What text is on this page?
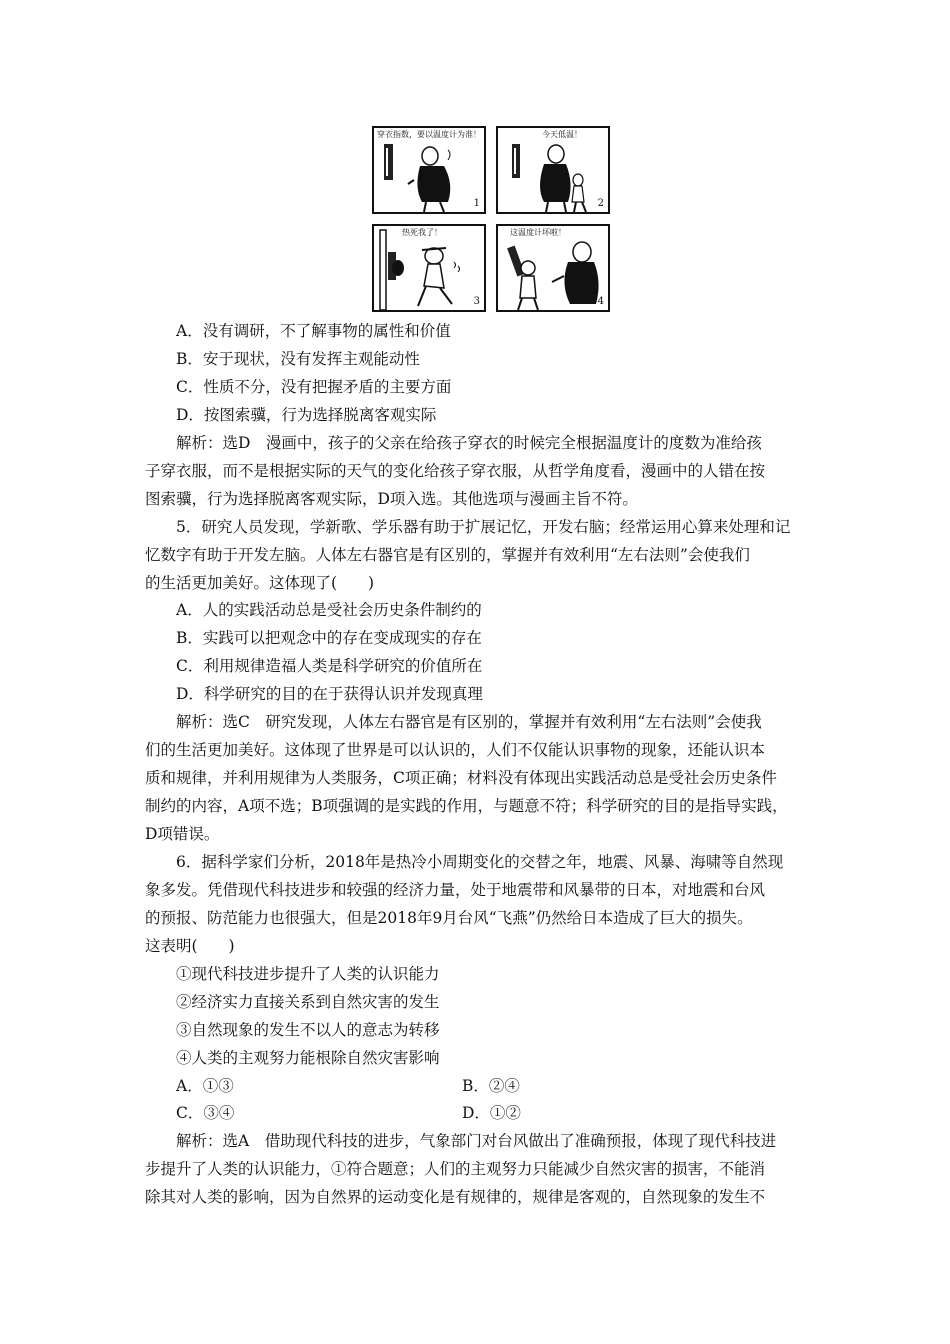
穿衣指数，要以温度计为准！
1
今天低温！
2
热死我了！
3
这温度计坏啦！
4
A．没有调研，不了解事物的属性和价值
B．安于现状，没有发挥主观能动性
C．性质不分，没有把握矛盾的主要方面
D．按图索骥，行为选择脱离客观实际
解析：选D　漫画中，孩子的父亲在给孩子穿衣的时候完全根据温度计的度数为准给孩
子穿衣服，而不是根据实际的天气的变化给孩子穿衣服，从哲学角度看，漫画中的人错在按
图索骥，行为选择脱离客观实际，D项入选。其他选项与漫画主旨不符。
5．研究人员发现，学新歌、学乐器有助于扩展记忆，开发右脑；经常运用心算来处理和记
忆数字有助于开发左脑。人体左右器官是有区别的，掌握并有效利用“左右法则”会使我们
的生活更加美好。这体现了(　　)
A．人的实践活动总是受社会历史条件制约的
B．实践可以把观念中的存在变成现实的存在
C．利用规律造福人类是科学研究的价值所在
D．科学研究的目的在于获得认识并发现真理
解析：选C　研究发现，人体左右器官是有区别的，掌握并有效利用“左右法则”会使我
们的生活更加美好。这体现了世界是可以认识的，人们不仅能认识事物的现象，还能认识本
质和规律，并利用规律为人类服务，C项正确；材料没有体现出实践活动总是受社会历史条件
制约的内容，A项不选；B项强调的是实践的作用，与题意不符；科学研究的目的是指导实践，
D项错误。
6．据科学家们分析，2018年是热冷小周期变化的交替之年，地震、风暴、海啸等自然现
象多发。凭借现代科技进步和较强的经济力量，处于地震带和风暴带的日本，对地震和台风
的预报、防范能力也很强大，但是2018年9月台风“飞燕”仍然给日本造成了巨大的损失。
这表明(　　)
①现代科技进步提升了人类的认识能力
②经济实力直接关系到自然灾害的发生
③自然现象的发生不以人的意志为转移
④人类的主观努力能根除自然灾害影响
A．①③	B．②④
C．③④	D．①②
解析：选A　借助现代科技的进步，气象部门对台风做出了准确预报，体现了现代科技进
步提升了人类的认识能力，①符合题意；人们的主观努力只能减少自然灾害的损害，不能消
除其对人类的影响，因为自然界的运动变化是有规律的，规律是客观的，自然现象的发生不
